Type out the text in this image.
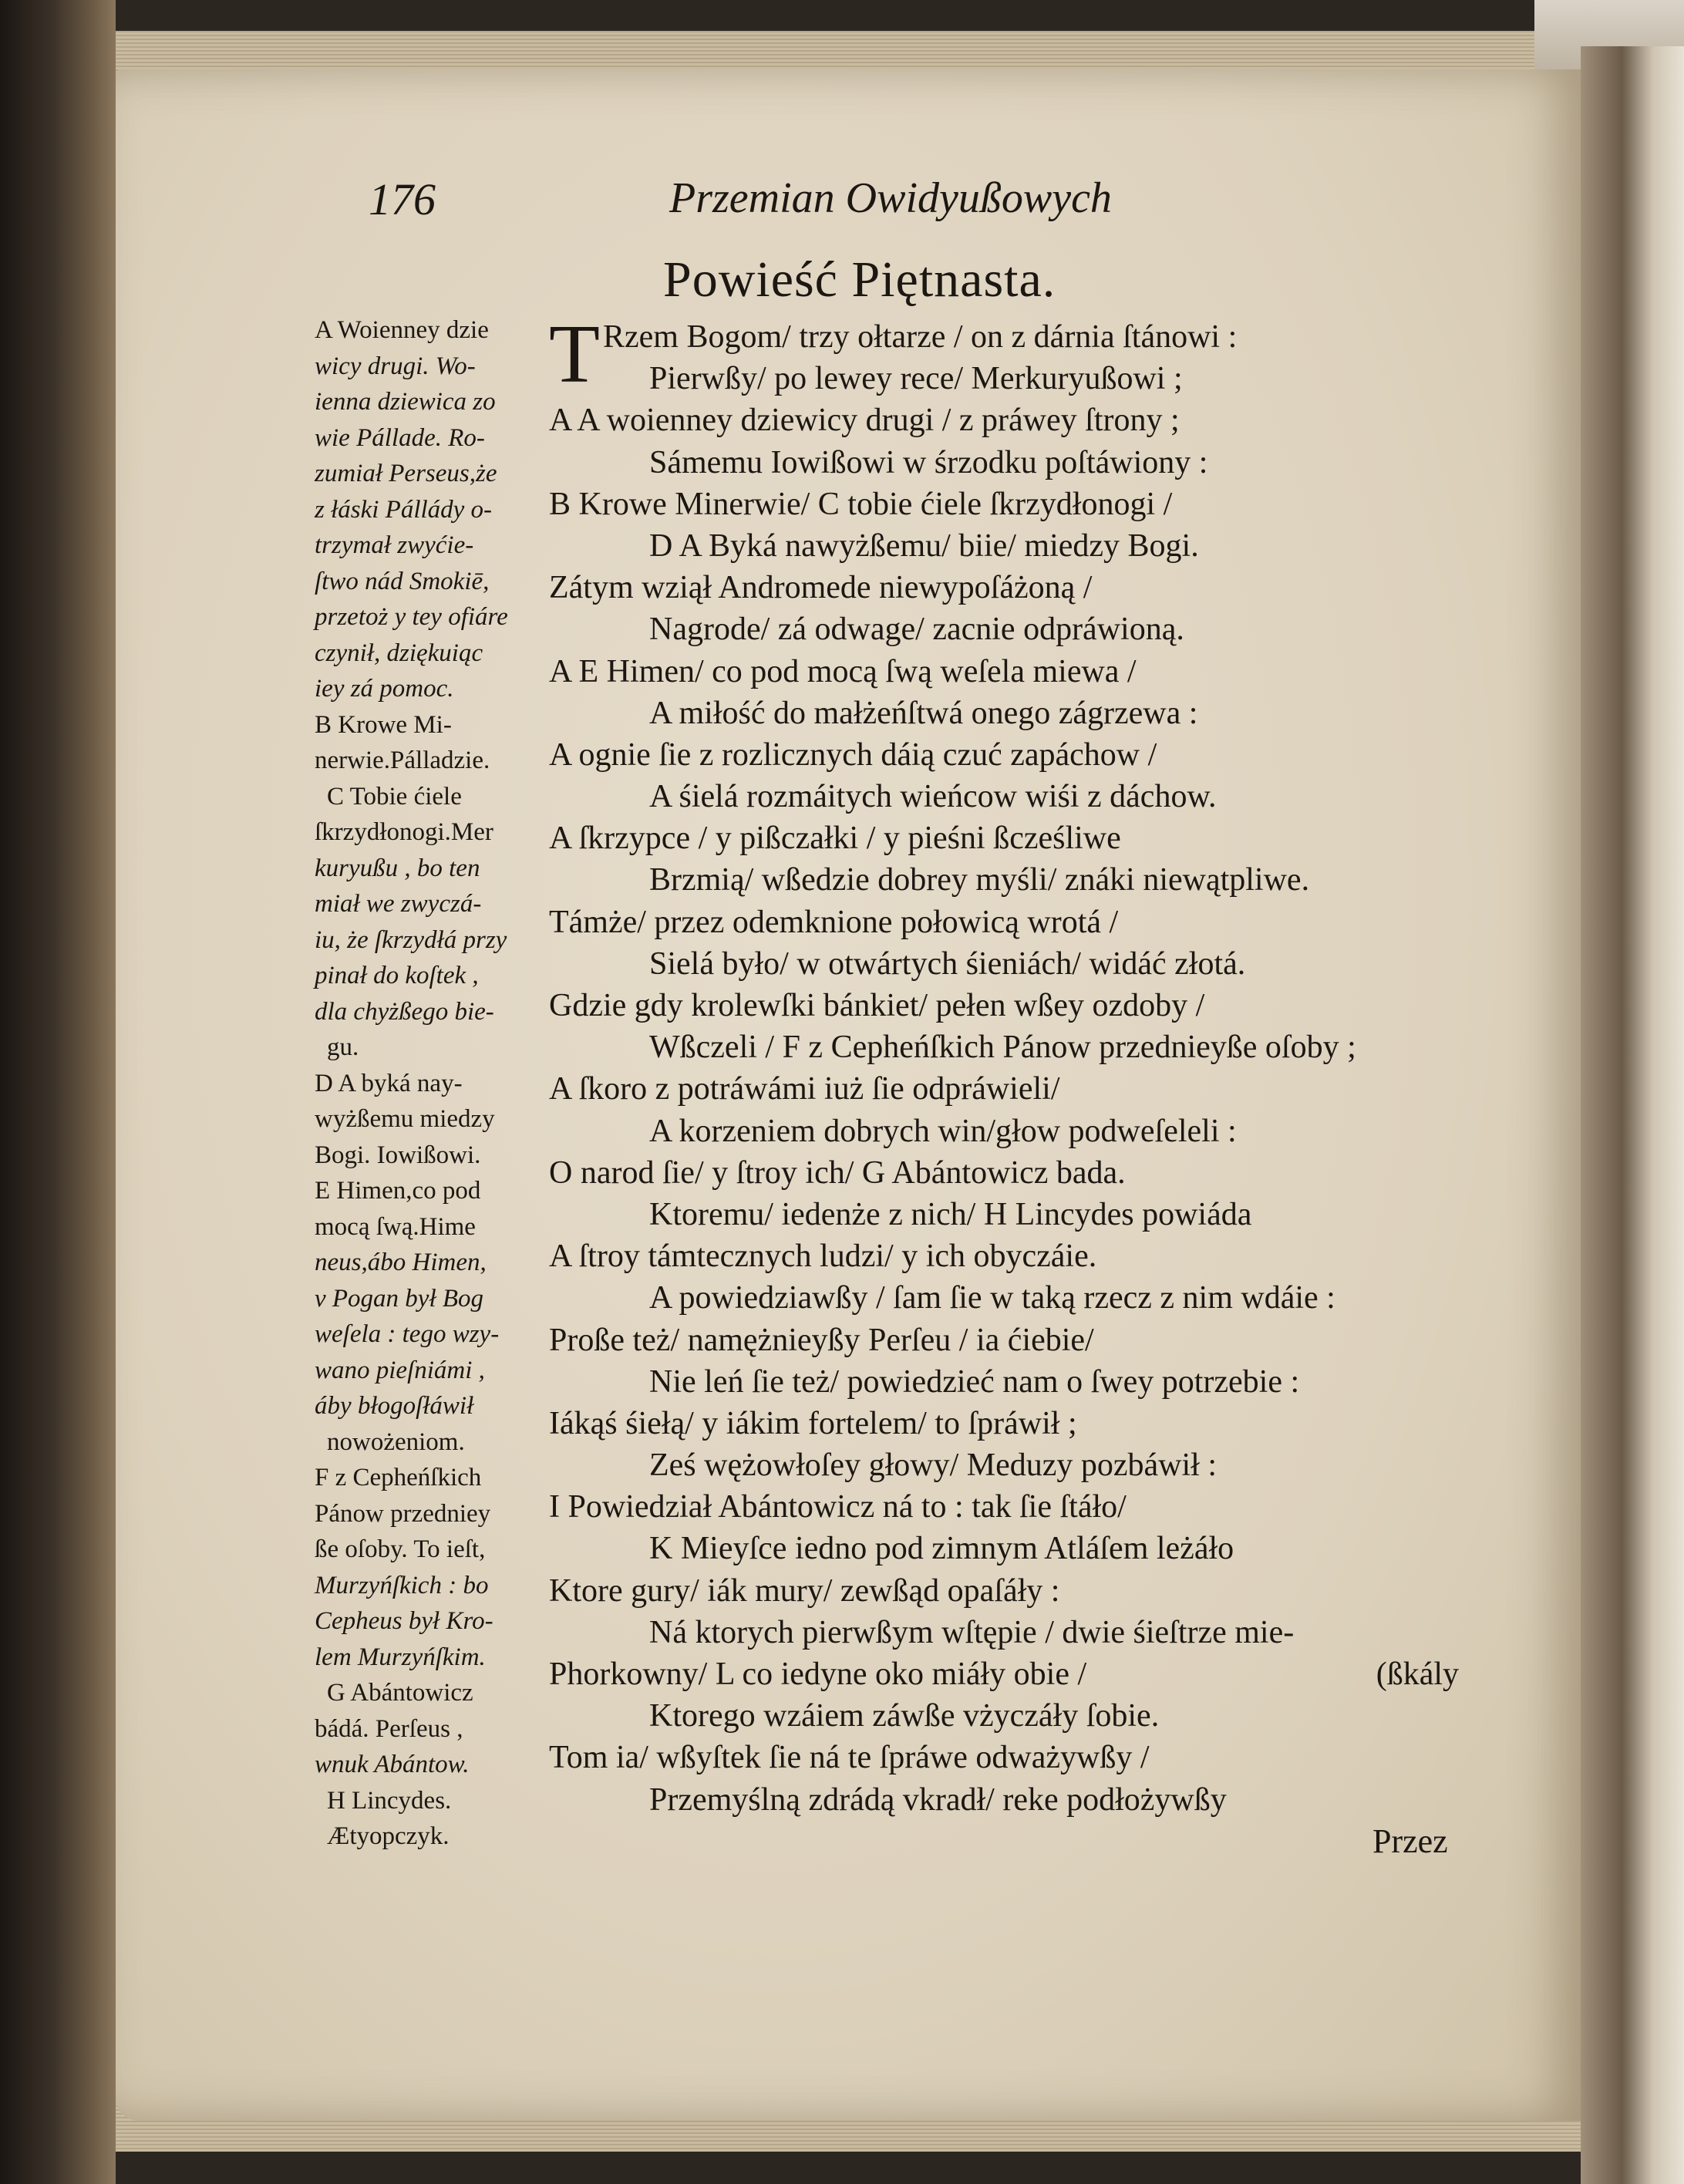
176	Przemian Owidyußowych
Powieść Piętnasta.
A Woienney dzie
wicy drugi. Wo-
ienna dziewica zo
wie Pállade. Ro-
zumiał Perseus,że
z łáski Pállády o-
trzymał zwyćie-
ſtwo nád Smokiē,
przetoż y tey ofiáre
czynił, dziękuiąc
iey zá pomoc.
B Krowe Mi-
nerwie.Pálladzie.
C Tobie ćiele
ſkrzydłonogi.Mer
kuryußu , bo ten
miał we zwyczá-
iu, że ſkrzydłá przy
pinał do koſtek ,
dla chyżßego bie-
gu.
D A byká nay-
wyżßemu miedzy
Bogi. Iowißowi.
E Himen,co pod
mocą ſwą.Hime
neus,ábo Himen,
v Pogan był Bog
weſela : tego wzy-
wano pieſniámi ,
áby błogoſłáwił
nowożeniom.
F z Cepheńſkich
Pánow przedniey
ße oſoby. To ieſt,
Murzyńſkich : bo
Cepheus był Kro-
lem Murzyńſkim.
G Abántowicz
bádá. Perſeus ,
wnuk Abántow.
H Lincydes.
Ætyopczyk.
T Rzem Bogom/ trzy ołtarze / on z dárnia ſtánowi :
Pierwßy/ po lewey rece/ Merkuryußowi ;
A A woienney dziewicy drugi / z práwey ſtrony ;
Sámemu Iowißowi w śrzodku poſtáwiony :
B Krowe Minerwie/ C tobie ćiele ſkrzydłonogi /
D A Byká nawyżßemu/ biie/ miedzy Bogi.
Zátym wziął Andromede niewypoſáżoną /
Nagrode/ zá odwage/ zacnie odpráwioną.
A E Himen/ co pod mocą ſwą weſela miewa /
A miłość do małżeńſtwá onego zágrzewa :
A ognie ſie z rozlicznych dáią czuć zapáchow /
A śielá rozmáitych wieńcow wiśi z dáchow.
A ſkrzypce / y pißczałki / y pieśni ßcześliwe
Brzmią/ wßedzie dobrey myśli/ znáki niewątpliwe.
Támże/ przez odemknione połowicą wrotá /
Sielá było/ w otwártych śieniách/ widáć złotá.
Gdzie gdy krolewſki bánkiet/ pełen wßey ozdoby /
Wßczeli / F z Cepheńſkich Pánow przednieyße oſoby ;
A ſkoro z potráwámi iuż ſie odpráwieli/
A korzeniem dobrych win/głow podweſeleli :
O narod ſie/ y ſtroy ich/ G Abántowicz bada.
Ktoremu/ iedenże z nich/ H Lincydes powiáda
A ſtroy támtecznych ludzi/ y ich obyczáie.
A powiedziawßy / ſam ſie w taką rzecz z nim wdáie :
Proße też/ namężnieyßy Perſeu / ia ćiebie/
Nie leń ſie też/ powiedzieć nam o ſwey potrzebie :
Iákąś śiełą/ y iákim fortelem/ to ſpráwił ;
Ześ wężowłoſey głowy/ Meduzy pozbáwił :
I Powiedział Abántowicz ná to : tak ſie ſtáło/
K Mieyſce iedno pod zimnym Atláſem leżáło
Ktore gury/ iák mury/ zewßąd opaſáły :
Ná ktorych pierwßym wſtępie / dwie śieſtrze mie-
Phorkowny/ L co iedyne oko miáły obie /	(ßkály
Ktorego wzáiem záwße vżyczáły ſobie.
Tom ia/ wßyſtek ſie ná te ſpráwe odważywßy /
Przemyślną zdrádą vkradł/ reke podłożywßy
Przez
